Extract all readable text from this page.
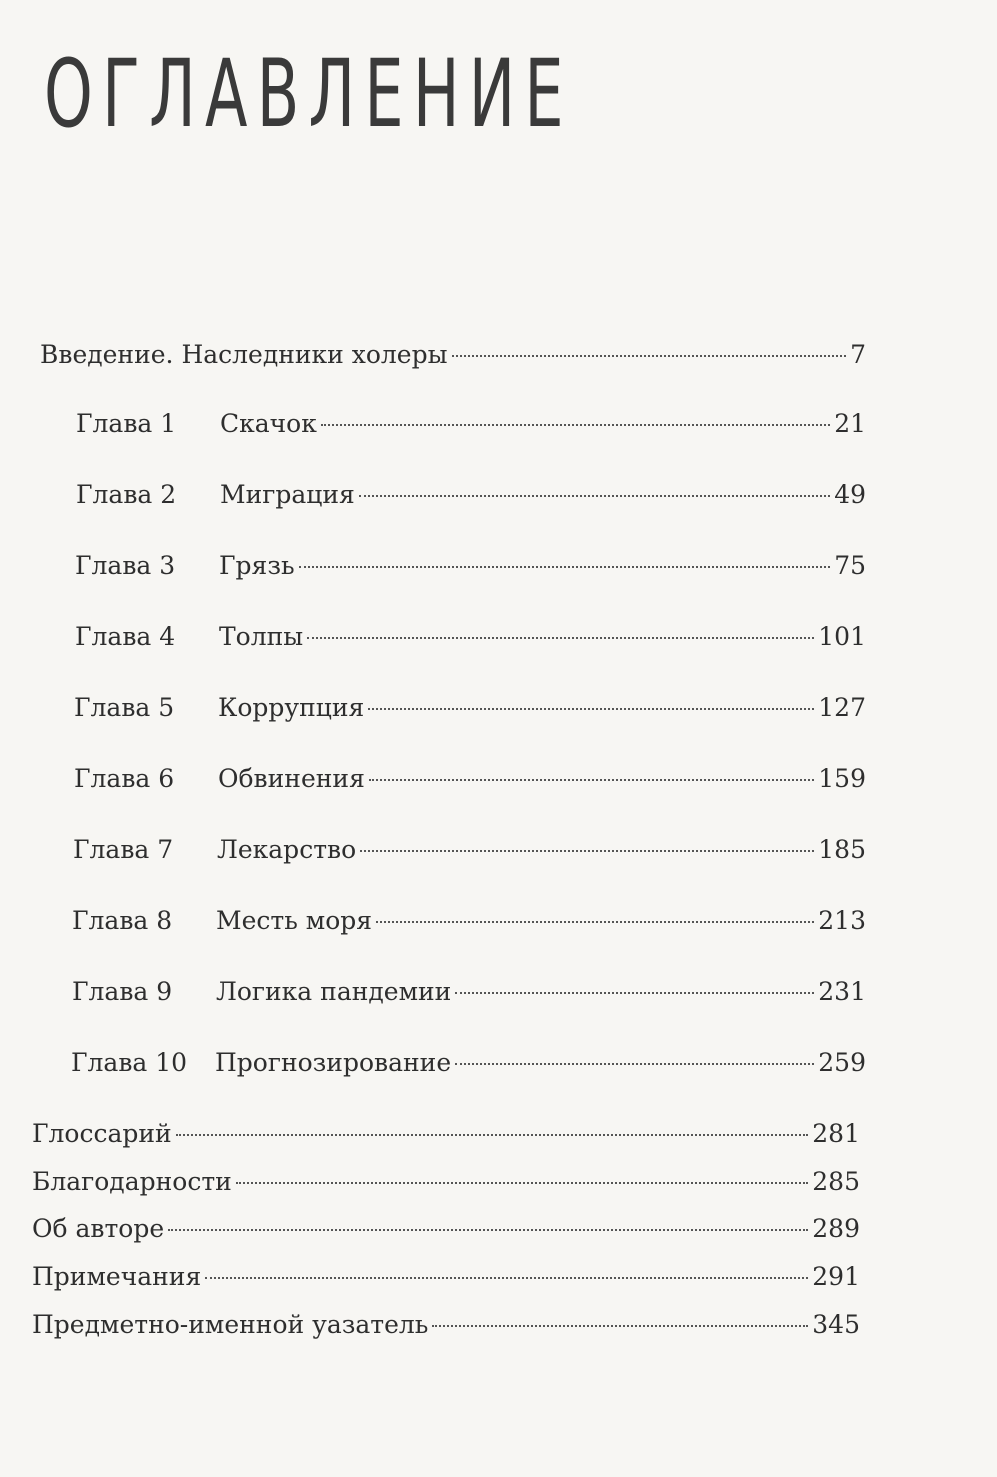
ОГЛАВЛЕНИЕ
Введение. Наследники холеры	7
Глава 1	Скачок	21
Глава 2	Миграция	49
Глава 3	Грязь	75
Глава 4	Толпы	101
Глава 5	Коррупция	127
Глава 6	Обвинения	159
Глава 7	Лекарство	185
Глава 8	Месть моря	213
Глава 9	Логика пандемии	231
Глава 10	Прогнозирование	259
Глоссарий	281
Благодарности	285
Об авторе	289
Примечания	291
Предметно-именной уазатель	345
